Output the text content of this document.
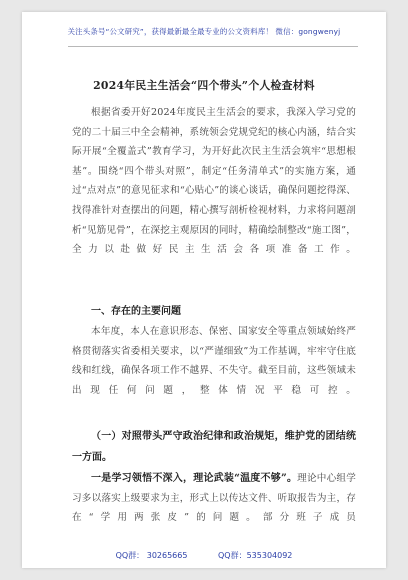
关注头条号“公文研究”，获得最新最全最专业的公文资料库！ 微信：gongwenyj
2024年民主生活会“四个带头”个人检查材料
根据省委开好2024年度民主生活会的要求，我深入学习党的党的二十届三中全会精神，系统领会党规党纪的核心内涵，结合实际开展“全覆盖式”教育学习，为开好此次民主生活会筑牢“思想根基”。围绕“四个带头对照”，制定“任务清单式”的实施方案，通过“点对点”的意见征求和“心贴心”的谈心谈话，确保问题挖得深、找得准针对查摆出的问题，精心撰写剖析检视材料，力求将问题剖析“见筋见骨”，在深挖主观原因的同时，精确绘制整改“施工图”，全力以赴做好民主生活会各项准备工作。
一、存在的主要问题
本年度，本人在意识形态、保密、国家安全等重点领域始终严格贯彻落实省委相关要求，以“严谨细致”为工作基调，牢牢守住底线和红线，确保各项工作不越界、不失守。截至目前，这些领域未出现任何问题，整体情况平稳可控。
（一）对照带头严守政治纪律和政治规矩，维护党的团结统一方面。
一是学习领悟不深入，理论武装“温度不够”。理论中心组学习多以落实上级要求为主，形式上以传达文件、听取报告为主，存在“学用两张皮”的问题。部分班子成员
QQ群： 30265665	QQ群：535304092
